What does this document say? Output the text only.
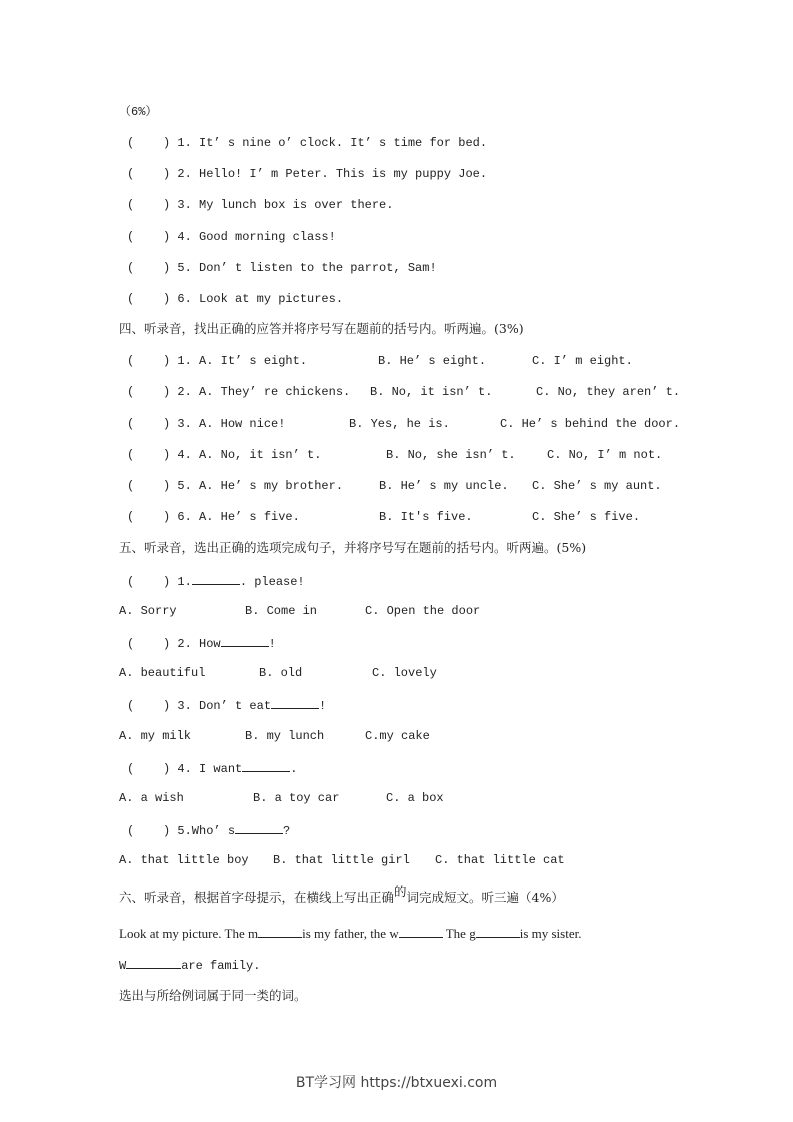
（6%）
(    ) 1. It’ s nine o’ clock. It’ s time for bed.
(    ) 2. Hello! I’ m Peter. This is my puppy Joe.
(    ) 3. My lunch box is over there.
(    ) 4. Good morning class!
(    ) 5. Don’ t listen to the parrot, Sam!
(    ) 6. Look at my pictures.
四、听录音，找出正确的应答并将序号写在题前的括号内。听两遍。(3%)
(    ) 1. A. It’ s eight.	B. He’ s eight.	C. I’ m eight.
(    ) 2. A. They’ re chickens. B. No, it isn’ t.	C. No, they aren’ t.
(    ) 3. A. How nice!	B. Yes, he is.	C. He’ s behind the door.
(    ) 4. A. No, it isn’ t.	B. No, she isn’ t.	C. No, I’ m not.
(    ) 5. A. He’ s my brother.	B. He’ s my uncle. C. She’ s my aunt.
(    ) 6. A. He’ s five.	B. It's five.	C. She’ s five.
五、听录音，选出正确的选项完成句子，并将序号写在题前的括号内。听两遍。(5%)
(    ) 1.	. please!
A. Sorry	B. Come in	C. Open the door
(    ) 2. How	!
A. beautiful	B. old	C. lovely
(    ) 3. Don’ t eat	!
A. my milk	B. my lunch	C.my cake
(    ) 4. I want	.
A. a wish	B. a toy car	C. a box
(    ) 5.Who’ s	?
A. that little boy B. that little girl C. that little cat
六、听录音，根据首字母提示，在横线上写出正确的词完成短文。听三遍（4%）
Look at my picture. The m	is my father, the w	The g	is my sister.
W	are family.
选出与所给例词属于同一类的词。
BT学习网 https://btxuexi.com
